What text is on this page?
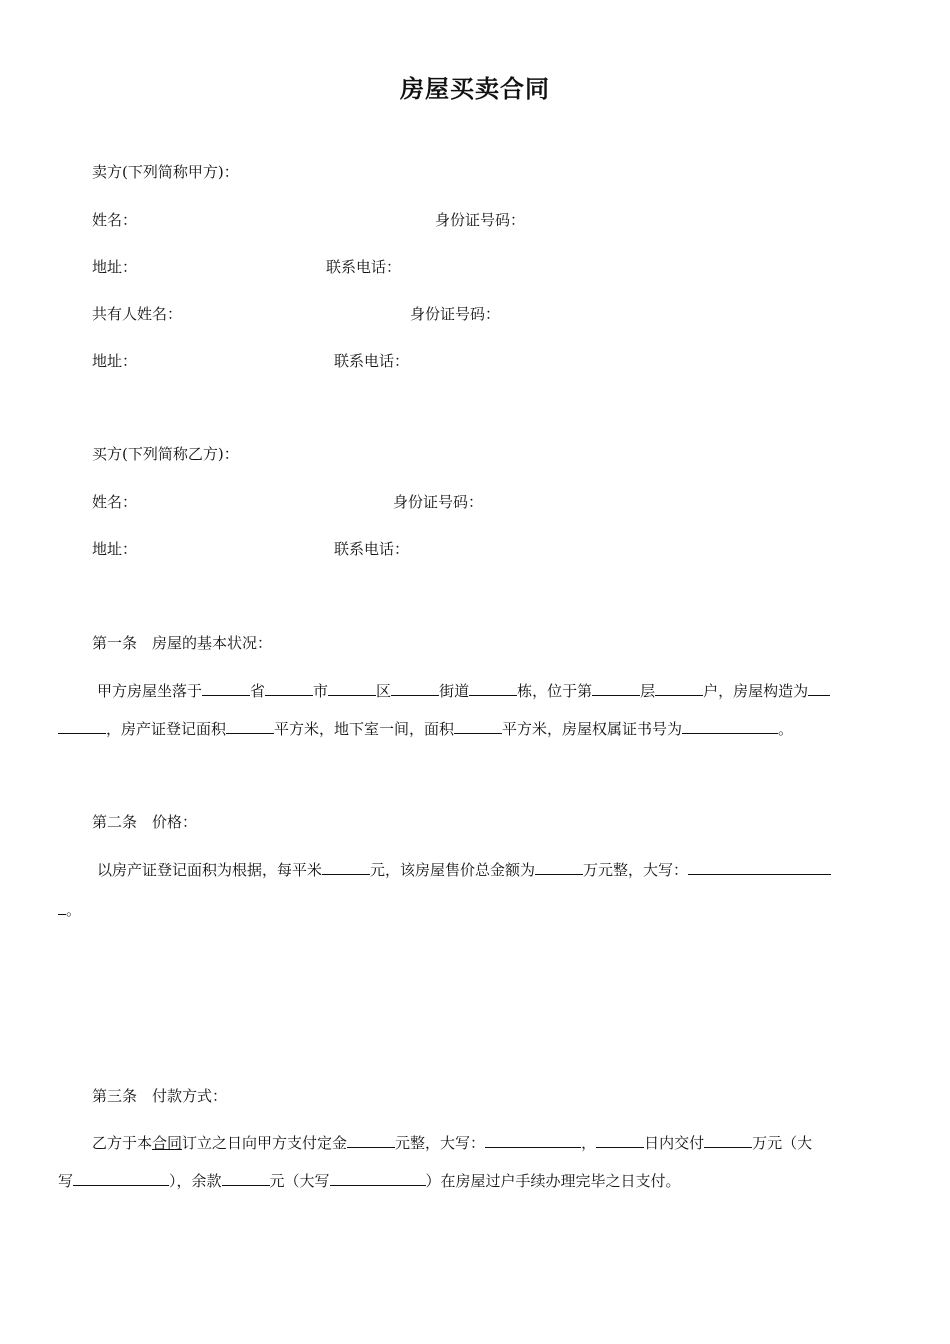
房屋买卖合同
卖方(下列简称甲方)：
姓名：	身份证号码：
地址：	联系电话：
共有人姓名：	身份证号码：
地址：	联系电话：
买方(下列简称乙方)：
姓名：	身份证号码：
地址：	联系电话：
第一条　房屋的基本状况：
甲方房屋坐落于	省	市	区	街道	栋，位于第	层	户，房屋构造为
，房产证登记面积	平方米，地下室一间，面积	平方米，房屋权属证书号为	。
第二条　价格：
以房产证登记面积为根据，每平米	元，该房屋售价总金额为	万元整，大写：
。
第三条　付款方式：
乙方于本合同订立之日向甲方支付定金	元整，大写：	，	日内交付	万元（大
写	），余款	元（大写	）在房屋过户手续办理完毕之日支付。
